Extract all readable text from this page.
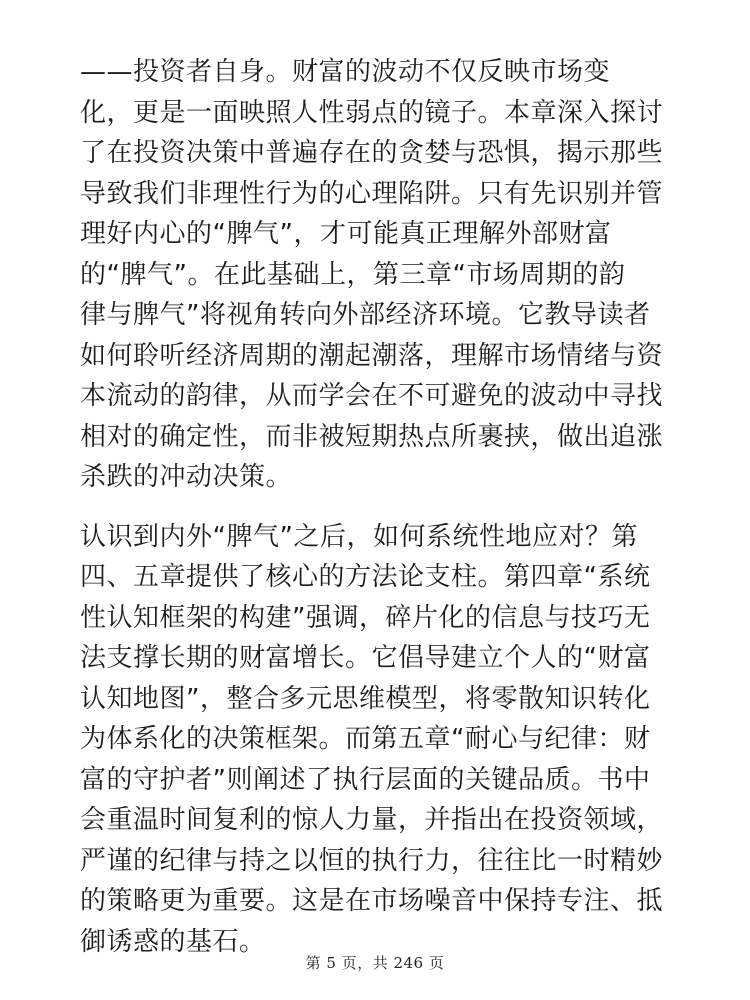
——投资者自身。财富的波动不仅反映市场变
化，更是一面映照人性弱点的镜子。本章深入探讨
了在投资决策中普遍存在的贪婪与恐惧，揭示那些
导致我们非理性行为的心理陷阱。只有先识别并管
理好内心的“脾气”，才可能真正理解外部财富
的“脾气”。在此基础上，第三章“市场周期的韵
律与脾气”将视角转向外部经济环境。它教导读者
如何聆听经济周期的潮起潮落，理解市场情绪与资
本流动的韵律，从而学会在不可避免的波动中寻找
相对的确定性，而非被短期热点所裹挟，做出追涨
杀跌的冲动决策。

认识到内外“脾气”之后，如何系统性地应对？第
四、五章提供了核心的方法论支柱。第四章“系统
性认知框架的构建”强调，碎片化的信息与技巧无
法支撑长期的财富增长。它倡导建立个人的“财富
认知地图”，整合多元思维模型，将零散知识转化
为体系化的决策框架。而第五章“耐心与纪律：财
富的守护者”则阐述了执行层面的关键品质。书中
会重温时间复利的惊人力量，并指出在投资领域，
严谨的纪律与持之以恒的执行力，往往比一时精妙
的策略更为重要。这是在市场噪音中保持专注、抵
御诱惑的基石。

第 5 页，共 246 页
